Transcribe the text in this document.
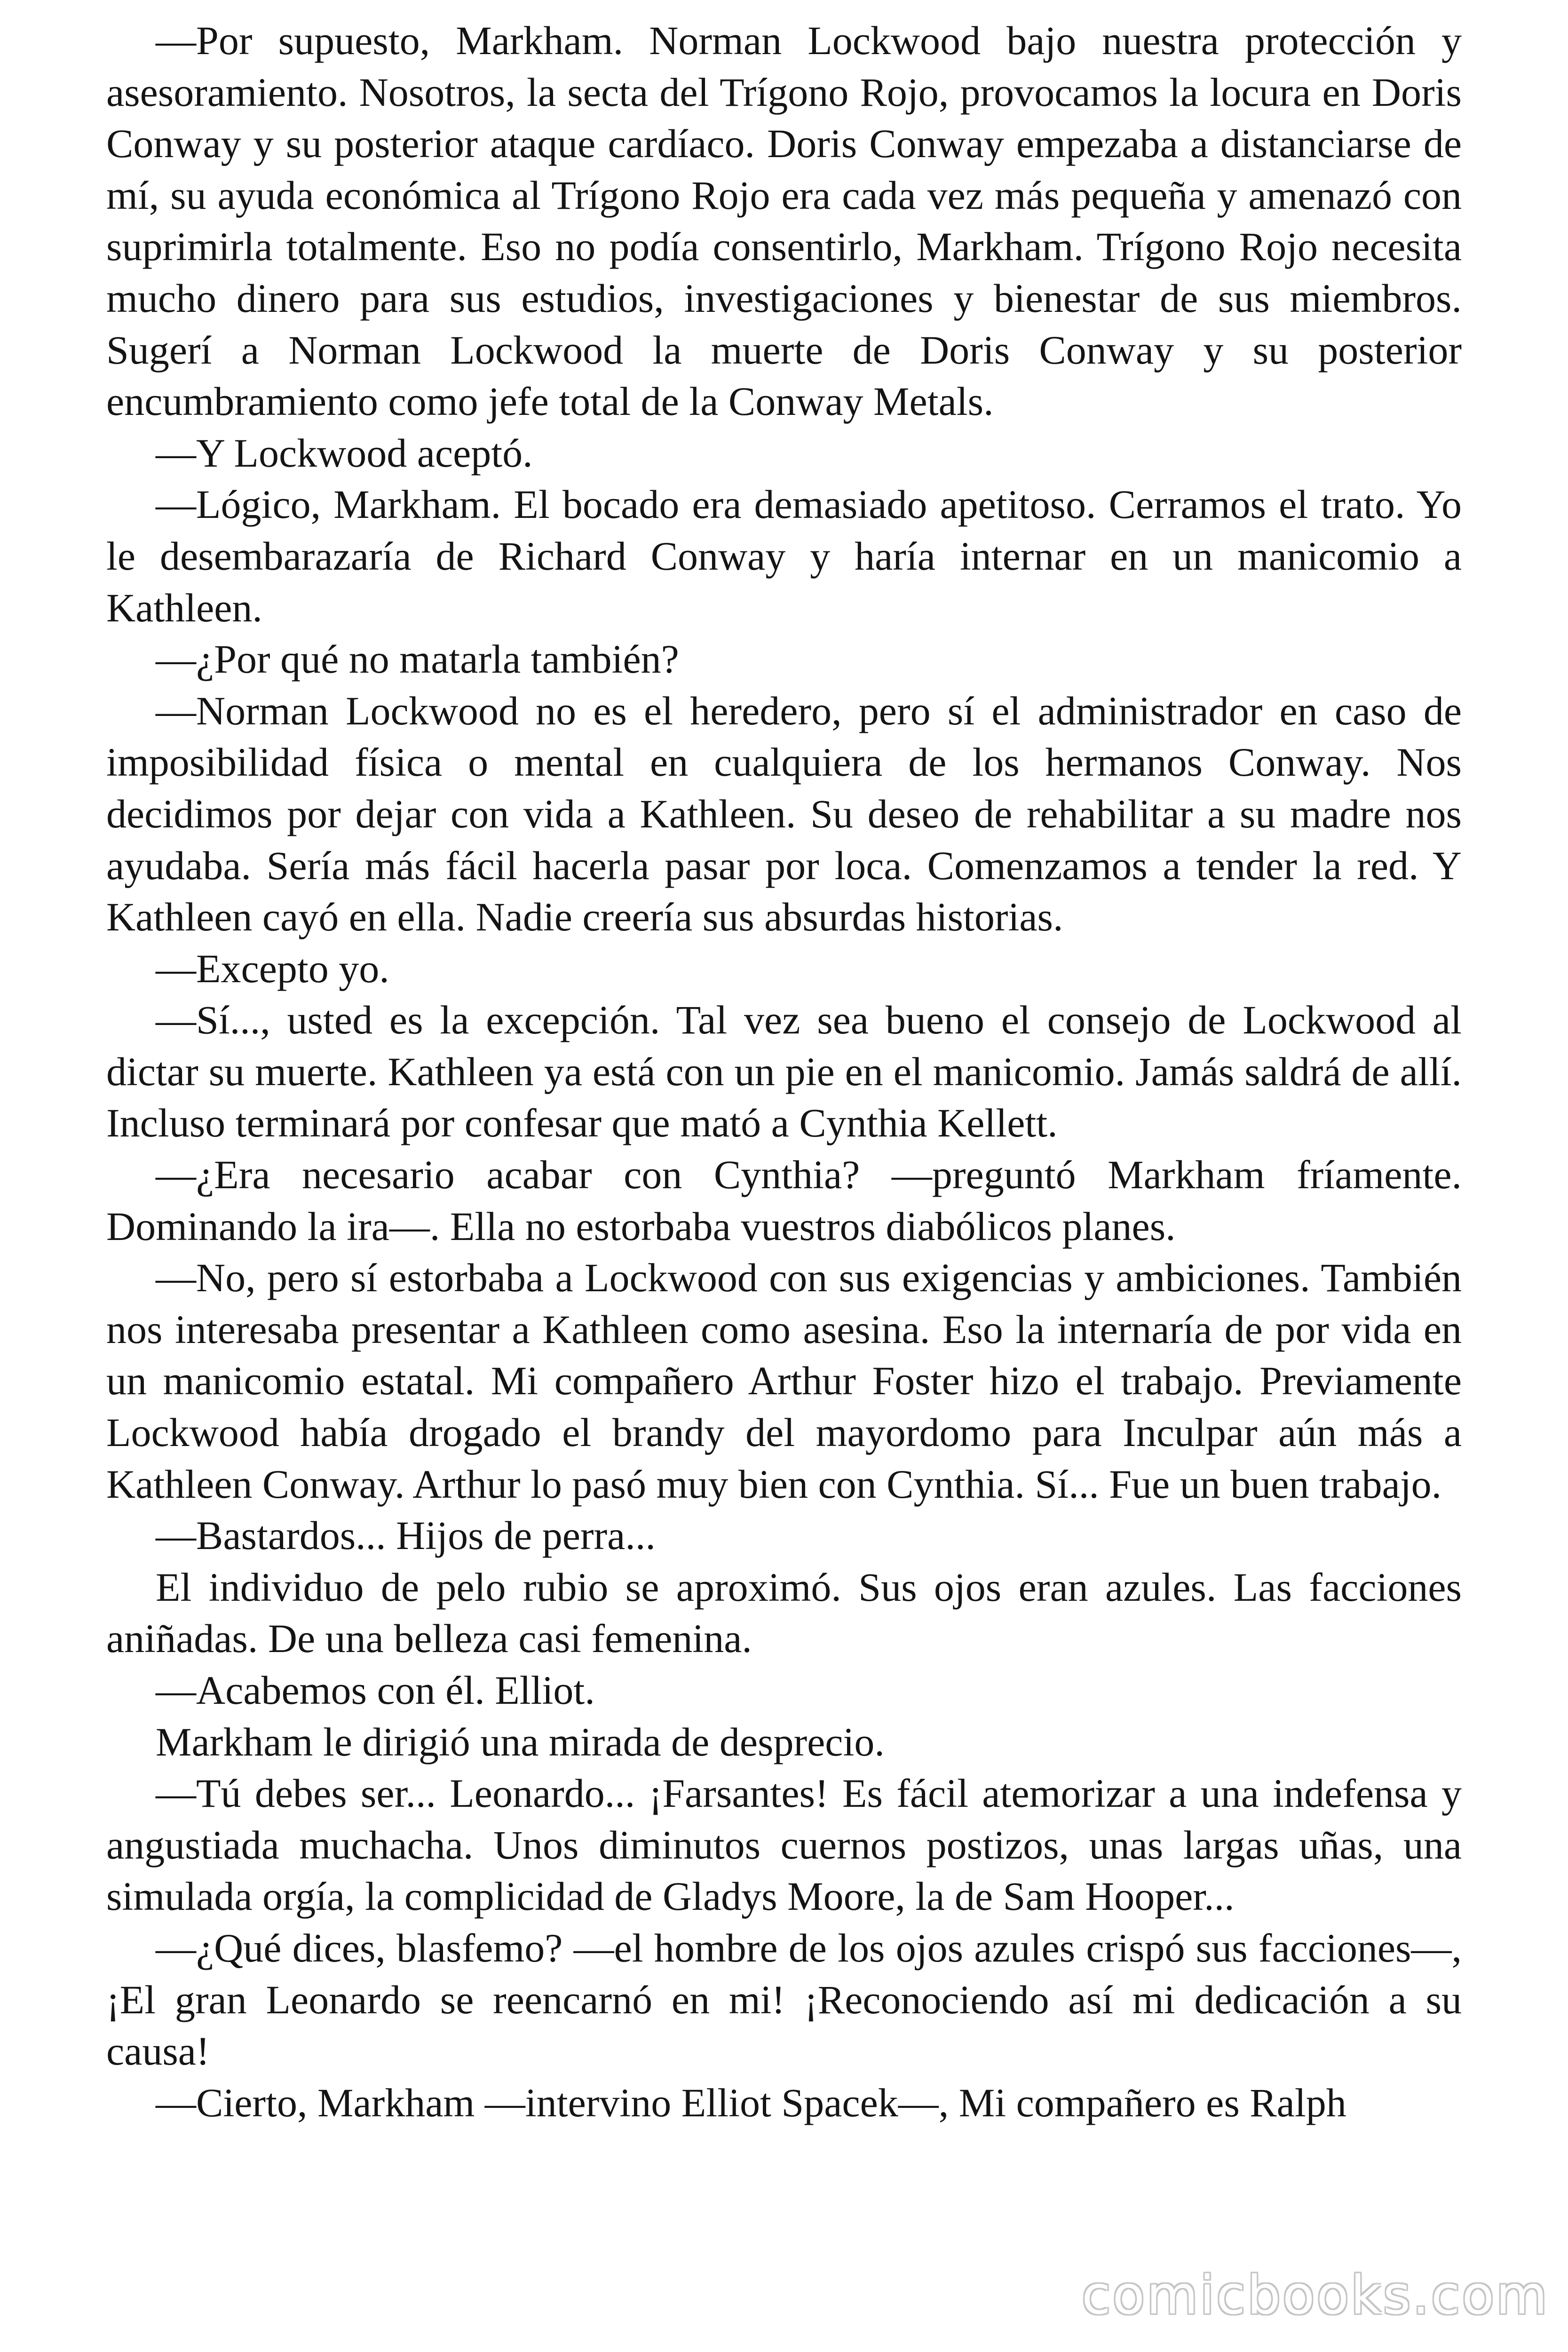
—Por supuesto, Markham. Norman Lockwood bajo nuestra protección y asesoramiento. Nosotros, la secta del Trígono Rojo, provocamos la locura en Doris Conway y su posterior ataque cardíaco. Doris Conway empezaba a distanciarse de mí, su ayuda económica al Trígono Rojo era cada vez más pequeña y amenazó con suprimirla totalmente. Eso no podía consentirlo, Markham. Trígono Rojo necesita mucho dinero para sus estudios, investigaciones y bienestar de sus miembros. Sugerí a Norman Lockwood la muerte de Doris Conway y su posterior encumbramiento como jefe total de la Conway Metals.

—Y Lockwood aceptó.

—Lógico, Markham. El bocado era demasiado apetitoso. Cerramos el trato. Yo le desembarazaría de Richard Conway y haría internar en un manicomio a Kathleen.

—¿Por qué no matarla también?

—Norman Lockwood no es el heredero, pero sí el administrador en caso de imposibilidad física o mental en cualquiera de los hermanos Conway. Nos decidimos por dejar con vida a Kathleen. Su deseo de rehabilitar a su madre nos ayudaba. Sería más fácil hacerla pasar por loca. Comenzamos a tender la red. Y Kathleen cayó en ella. Nadie creería sus absurdas historias.

—Excepto yo.

—Sí..., usted es la excepción. Tal vez sea bueno el consejo de Lockwood al dictar su muerte. Kathleen ya está con un pie en el manicomio. Jamás saldrá de allí. Incluso terminará por confesar que mató a Cynthia Kellett.

—¿Era necesario acabar con Cynthia? —preguntó Markham fríamente. Dominando la ira—. Ella no estorbaba vuestros diabólicos planes.

—No, pero sí estorbaba a Lockwood con sus exigencias y ambiciones. También nos interesaba presentar a Kathleen como asesina. Eso la internaría de por vida en un manicomio estatal. Mi compañero Arthur Foster hizo el trabajo. Previamente Lockwood había drogado el brandy del mayordomo para Inculpar aún más a Kathleen Conway. Arthur lo pasó muy bien con Cynthia. Sí... Fue un buen trabajo.

—Bastardos... Hijos de perra...

El individuo de pelo rubio se aproximó. Sus ojos eran azules. Las facciones aniñadas. De una belleza casi femenina.

—Acabemos con él. Elliot.

Markham le dirigió una mirada de desprecio.

—Tú debes ser... Leonardo... ¡Farsantes! Es fácil atemorizar a una indefensa y angustiada muchacha. Unos diminutos cuernos postizos, unas largas uñas, una simulada orgía, la complicidad de Gladys Moore, la de Sam Hooper...

—¿Qué dices, blasfemo? —el hombre de los ojos azules crispó sus facciones—, ¡El gran Leonardo se reencarnó en mi! ¡Reconociendo así mi dedicación a su causa!

—Cierto, Markham —intervino Elliot Spacek—, Mi compañero es Ralph

comicbooks.com
